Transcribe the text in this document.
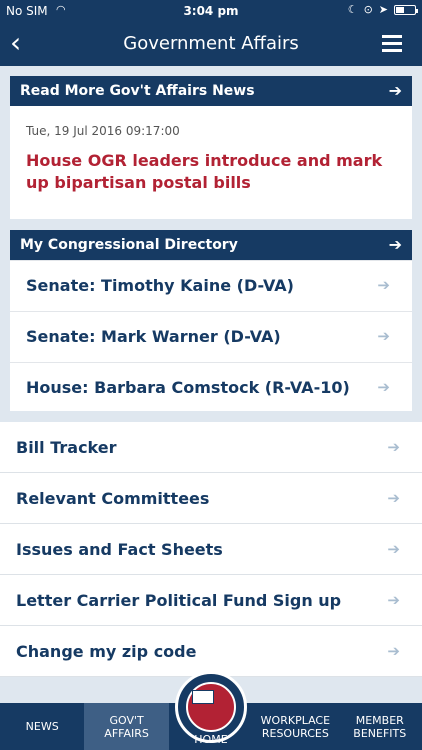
No SIM ◠	3:04 pm	☾ ⊙ ➤
‹	Government Affairs
Read More Gov't Affairs News	➔
Tue, 19 Jul 2016 09:17:00
House OGR leaders introduce and mark up bipartisan postal bills
My Congressional Directory	➔
Senate: Timothy Kaine (D-VA)	➔
Senate: Mark Warner (D-VA)	➔
House: Barbara Comstock (R-VA-10) ➔
Bill Tracker	➔
Relevant Committees	➔
Issues and Fact Sheets	➔
Letter Carrier Political Fund Sign up	➔
Change my zip code	➔
NEWS	GOV'T
AFFAIRS	HOME
WORKPLACE
RESOURCES
MEMBER
BENEFITS
